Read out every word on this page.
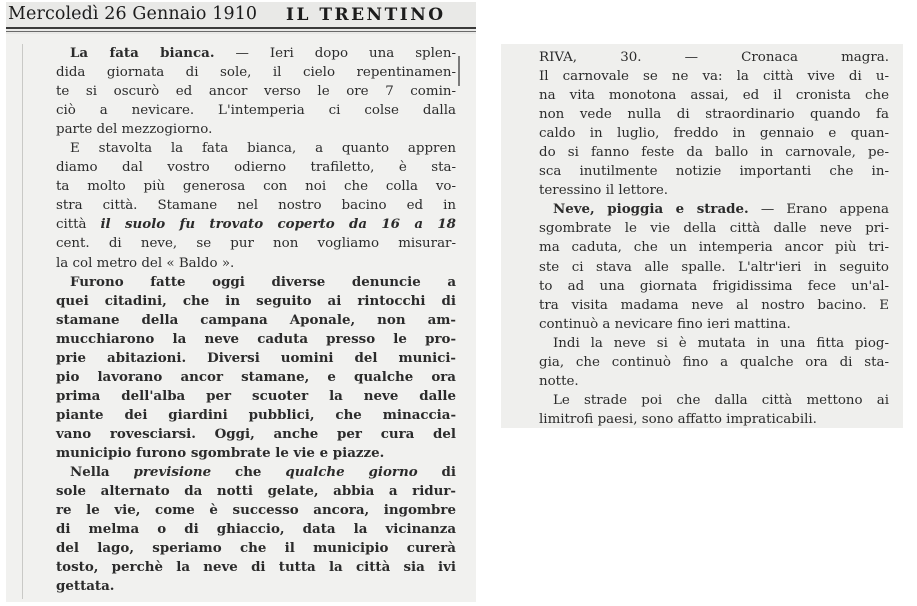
Mercoledì 26 Gennaio 1910 IL TRENTINO

La fata bianca. — Ieri dopo una splen-
dida giornata di sole, il cielo repentinamen-
te si oscurò ed ancor verso le ore 7 comin-
ciò a nevicare. L'intemperia ci colse dalla
parte del mezzogiorno.

E stavolta la fata bianca, a quanto appren
diamo dal vostro odierno trafiletto, è sta-
ta molto più generosa con noi che colla vo-
stra città. Stamane nel nostro bacino ed in
città il suolo fu trovato coperto da 16 a 18
cent. di neve, se pur non vogliamo misurar-
la col metro del « Baldo ».

Furono fatte oggi diverse denuncie a
quei citadini, che in seguito ai rintocchi di
stamane della campana Aponale, non am-
mucchiarono la neve caduta presso le pro-
prie abitazioni. Diversi uomini del munici-
pio lavorano ancor stamane, e qualche ora
prima dell'alba per scuoter la neve dalle
piante dei giardini pubblici, che minaccia-
vano rovesciarsi. Oggi, anche per cura del
municipio furono sgombrate le vie e piazze.

Nella previsione che qualche giorno di
sole alternato da notti gelate, abbia a ridur-
re le vie, come è successo ancora, ingombre
di melma o di ghiaccio, data la vicinanza
del lago, speriamo che il municipio curerà
tosto, perchè la neve di tutta la città sia ivi
gettata.

RIVA, 30. — Cronaca magra.
Il carnovale se ne va: la città vive di u-
na vita monotona assai, ed il cronista che
non vede nulla di straordinario quando fa
caldo in luglio, freddo in gennaio e quan-
do si fanno feste da ballo in carnovale, pe-
sca inutilmente notizie importanti che in-
teressino il lettore.

Neve, pioggia e strade. — Erano appena
sgombrate le vie della città dalle neve pri-
ma caduta, che un intemperia ancor più tri-
ste ci stava alle spalle. L'altr'ieri in seguito
to ad una giornata frigidissima fece un'al-
tra visita madama neve al nostro bacino. E
continuò a nevicare fino ieri mattina.

Indi la neve si è mutata in una fitta piog-
gia, che continuò fino a qualche ora di sta-
notte.

Le strade poi che dalla città mettono ai
limitrofi paesi, sono affatto impraticabili.
